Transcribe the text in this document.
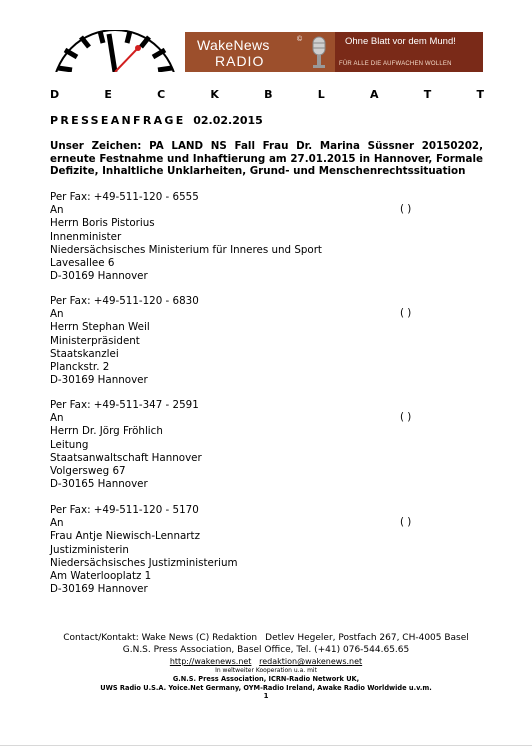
WakeNews	©
RADIO
Ohne Blatt vor dem Mund!
FÜR ALLE DIE AUFWACHEN WOLLEN
D	E	C	K	B	L	A	T	T
PRESSEANFRAGE 02.02.2015
Unser Zeichen: PA LAND NS Fall Frau Dr. Marina Süssner 20150202, erneute Festnahme und Inhaftierung am 27.01.2015 in Hannover, Formale Defizite, Inhaltliche Unklarheiten, Grund- und Menschenrechtssituation
Per Fax: +49-511-120 - 6555
An
Herrn Boris Pistorius
Innenminister
Niedersächsisches Ministerium für Inneres und Sport
Lavesallee 6
D-30169 Hannover
( )
Per Fax: +49-511-120 - 6830
An
Herrn Stephan Weil
Ministerpräsident
Staatskanzlei
Planckstr. 2
D-30169 Hannover
( )
Per Fax: +49-511-347 - 2591
An
Herrn Dr. Jörg Fröhlich
Leitung
Staatsanwaltschaft Hannover
Volgersweg 67
D-30165 Hannover
( )
Per Fax: +49-511-120 - 5170
An
Frau Antje Niewisch-Lennartz
Justizministerin
Niedersächsisches Justizministerium
Am Waterlooplatz 1
D-30169 Hannover
( )
Contact/Kontakt: Wake News (C) Redaktion Detlev Hegeler, Postfach 267, CH-4005 Basel
G.N.S. Press Association, Basel Office, Tel. (+41) 076-544.65.65
http://wakenews.net redaktion@wakenews.net
In weltweiter Kooperation u.a. mit
G.N.S. Press Association, ICRN-Radio Network UK,
UWS Radio U.S.A. Yoice.Net Germany, OYM-Radio Ireland, Awake Radio Worldwide u.v.m.
1
